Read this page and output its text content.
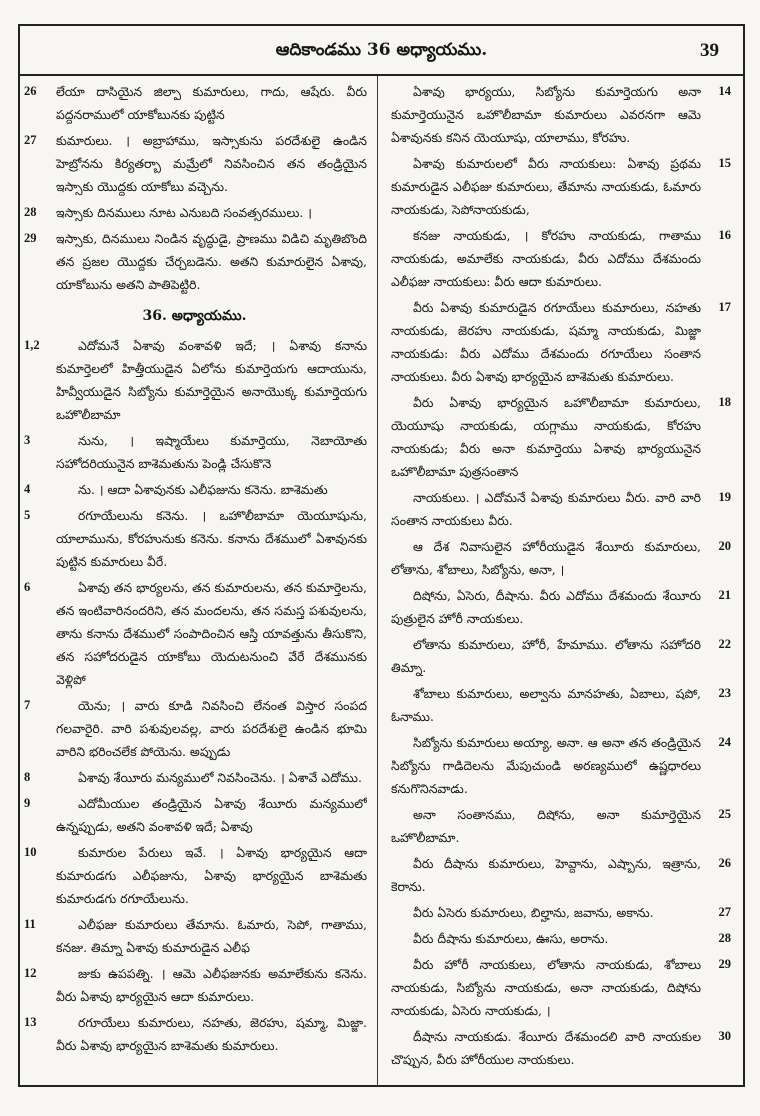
ఆదికాండము 36 అధ్యాయము.	39
26 లేయా దాసియైన జిల్పా కుమారులు, గాదు, ఆషేరు. వీరు పద్దనరాములో యాకోబునకు పుట్టిన
27 కుమారులు. । అబ్రాహాము, ఇస్సాకును పరదేశులై ఉండిన హెబ్రోనను కిర్యతర్బా మమ్రేలో నివసించిన తన తండ్రియైన ఇస్సాకు యొద్దకు యాకోబు వచ్చెను.
28 ఇస్సాకు దినములు నూట ఎనుబది సంవత్సరములు. ।
29 ఇస్సాకు, దినములు నిండిన వృద్ధుడై, ప్రాణము విడిచి మృతిబొంది తన ప్రజల యొద్దకు చేర్చబడెను. అతని కుమారులైన ఏశావు, యాకోబును అతని పాతిపెట్టిరి.
36. అధ్యాయము.
1,2	ఎదోమనే ఏశావు వంశావళి ఇదే; । ఏశావు కనాను కుమార్తెలలో హిత్తీయుడైన ఏలోను కుమార్తెయగు ఆదాయును, హివ్వీయుడైన సిబ్యోను కుమార్తెయైన అనాయొక్క కుమార్తెయగు ఒహొలీబామా
3	నును, । ఇష్మాయేలు కుమార్తెయు, నెబాయోతు సహోదరియునైన బాశెమతును పెండ్లి చేసుకొనె
4	ను. । ఆదా ఏశావునకు ఎలీఫజును కనెను. బాశెమతు
5	రగూయేలును కనెను. । ఒహొలీబామా యెయూషును, యాలామును, కోరహునుకు కనెను. కనాను దేశములో ఏశావునకు పుట్టిన కుమారులు వీరే.
6	ఏశావు తన భార్యలను, తన కుమారులను, తన కుమార్తెలను, తన ఇంటివారినందరిని, తన మందలను, తన సమస్త పశువులను, తాను కనాను దేశములో సంపాదించిన ఆస్తి యావత్తును తీసుకొని, తన సహోదరుడైన యాకోబు యెదుటనుంచి వేరే దేశమునకు వెళ్లిపో
7	యెను; । వారు కూడి నివసించి లేనంత విస్తార సంపద గలవారైరి. వారి పశువులవల్ల, వారు పరదేశులై ఉండిన భూమి వారిని భరించలేక పోయెను. అప్పుడు
8	ఏశావు శేయీరు మన్యములో నివసించెను. । ఏశావే ఎదోము.
9	ఎదోమీయుల తండ్రియైన ఏశావు శేయీరు మన్యములో ఉన్నప్పుడు, అతని వంశావళి ఇదే; ఏశావు
10	కుమారుల పేరులు ఇవే. । ఏశావు భార్యయైన ఆదా కుమారుడగు ఎలీఫజును, ఏశావు భార్యయైన బాశెమతు కుమారుడగు రగూయేలును.
11	ఎలీఫజు కుమారులు తేమాను. ఓమారు, సెపో, గాతాము, కనజు. తిమ్నా ఏశావు కుమారుడైన ఎలీఫ
12	జుకు ఉపపత్ని. । ఆమె ఎలీఫజునకు అమాలేకును కనెను. వీరు ఏశావు భార్యయైన ఆదా కుమారులు.
13	రగూయేలు కుమారులు, నహతు, జెరహు, షమ్మా, మిజ్జా. వీరు ఏశావు భార్యయైన బాశెమతు కుమారులు.
14
ఏశావు భార్యయు, సిబ్యోను కుమార్తెయగు అనా కుమార్తెయునైన ఒహొలీబామా కుమారులు ఎవరనగా ఆమె ఏశావునకు కనిన యెయూషు, యాలాము, కోరహు.
15
ఏశావు కుమారులలో వీరు నాయకులు: ఏశావు ప్రథమ కుమారుడైన ఎలీఫజు కుమారులు, తేమాను నాయకుడు, ఓమారు నాయకుడు, సెపోనాయకుడు,
16
కనజు నాయకుడు, । కోరహు నాయకుడు, గాతాము నాయకుడు, అమాలేకు నాయకుడు, వీరు ఎదోము దేశమందు ఎలీఫజు నాయకులు: వీరు ఆదా కుమారులు.
17
వీరు ఏశావు కుమారుడైన రగూయేలు కుమారులు, నహతు నాయకుడు, జెరహు నాయకుడు, షమ్మా నాయకుడు, మిజ్జా నాయకుడు: వీరు ఎదోము దేశమందు రగూయేలు సంతాన నాయకులు. వీరు ఏశావు భార్యయైన బాశెమతు కుమారులు.
18
వీరు ఏశావు భార్యయైన ఒహొలీబామా కుమారులు, యెయూషు నాయకుడు, యగ్లాము నాయకుడు, కోరహు నాయకుడు; వీరు అనా కుమార్తెయు ఏశావు భార్యయునైన ఒహొలీబామా పుత్రసంతాన
19
నాయకులు. । ఎదోమనే ఏశావు కుమారులు వీరు. వారి వారి సంతాన నాయకులు వీరు.
20
ఆ దేశ నివాసులైన హోరీయుడైన శేయీరు కుమారులు, లోతాను, శోబాలు, సిబ్యోను, అనా, ।
21
దిషోను, ఏసెరు, దీషాను. వీరు ఎదోము దేశమందు శేయీరు పుత్రులైన హోరీ నాయకులు.
22
లోతాను కుమారులు, హోరీ, హేమాము. లోతాను సహోదరి తిమ్నా.
23
శోబాలు కుమారులు, అల్వాను మానహతు, ఏబాలు, షపో, ఓనాము.
24
సిబ్యోను కుమారులు అయ్యా, అనా. ఆ అనా తన తండ్రియైన సిబ్యోను గాడిదెలను మేపుచుండి అరణ్యములో ఉష్ణధారలు కనుగొనినవాడు.
25
అనా సంతానము, దిషోను, అనా కుమార్తెయైన ఒహొలీబామా.
26
వీరు దీషాను కుమారులు, హెవ్దాను, ఎష్బాను, ఇత్రాను, కెరాను.
27
వీరు ఏసెరు కుమారులు, బిల్హాను, జవాను, అకాను.
28
వీరు దీషాను కుమారులు, ఊసు, అరాను.
29
వీరు హోరీ నాయకులు, లోతాను నాయకుడు, శోబాలు నాయకుడు, సిబ్యోను నాయకుడు, అనా నాయకుడు, దిషోను నాయకుడు, ఏసెరు నాయకుడు, ।
30
దీషాను నాయకుడు. శేయీరు దేశమందలి వారి నాయకుల చొప్పున, వీరు హోరీయుల నాయకులు.
